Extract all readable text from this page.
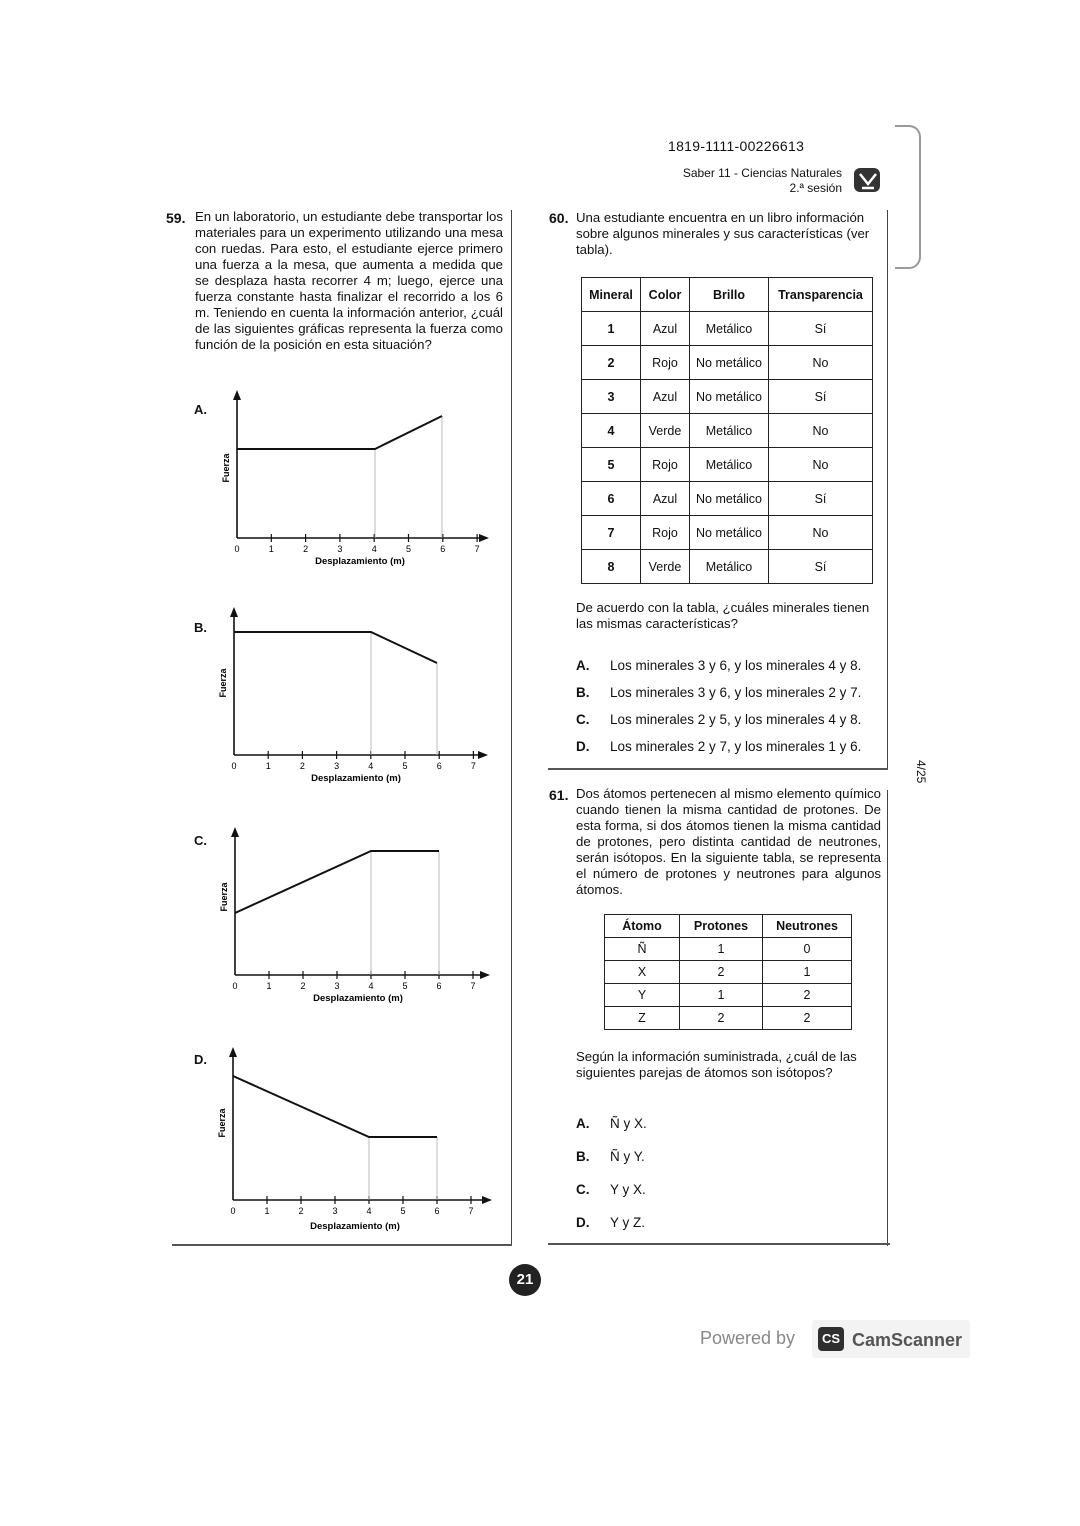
1819-1111-00226613
Saber 11 - Ciencias Naturales
2.ª sesión
59. En un laboratorio, un estudiante debe transportar los materiales para un experimento utilizando una mesa con ruedas. Para esto, el estudiante ejerce primero una fuerza a la mesa, que aumenta a medida que se desplaza hasta recorrer 4 m; luego, ejerce una fuerza constante hasta finalizar el recorrido a los 6 m. Teniendo en cuenta la información anterior, ¿cuál de las siguientes gráficas representa la fuerza como función de la posición en esta situación?
A.
0	1	2	3	4	5	6	7
Fuerza
Desplazamiento (m)
B.
0	1	2	3	4	5	6	7
Fuerza
Desplazamiento (m)
C.
0	1	2	3	4	5	6	7
Fuerza
Desplazamiento (m)
D.
0	1	2	3	4	5	6	7
Fuerza
Desplazamiento (m)
60. Una estudiante encuentra en un libro información sobre algunos minerales y sus características (ver tabla).
Mineral	Color	Brillo	Transparencia
1	Azul	Metálico	Sí
2	Rojo	No metálico	No
3	Azul	No metálico	Sí
4	Verde	Metálico	No
5	Rojo	Metálico	No
6	Azul	No metálico	Sí
7	Rojo	No metálico	No
8	Verde	Metálico	Sí
De acuerdo con la tabla, ¿cuáles minerales tienen las mismas características?
A. Los minerales 3 y 6, y los minerales 4 y 8.
B. Los minerales 3 y 6, y los minerales 2 y 7.
C. Los minerales 2 y 5, y los minerales 4 y 8.
D. Los minerales 2 y 7, y los minerales 1 y 6.
61. Dos átomos pertenecen al mismo elemento químico cuando tienen la misma cantidad de protones. De esta forma, si dos átomos tienen la misma cantidad de protones, pero distinta cantidad de neutrones, serán isótopos. En la siguiente tabla, se representa el número de protones y neutrones para algunos átomos.
Átomo	Protones	Neutrones
Ñ	1	0
X	2	1
Y	1	2
Z	2	2
Según la información suministrada, ¿cuál de las siguientes parejas de átomos son isótopos?
A. Ñ y X.
B. Ñ y Y.
C. Y y X.
D. Y y Z.
21
4/25
Powered by	CS CamScanner
